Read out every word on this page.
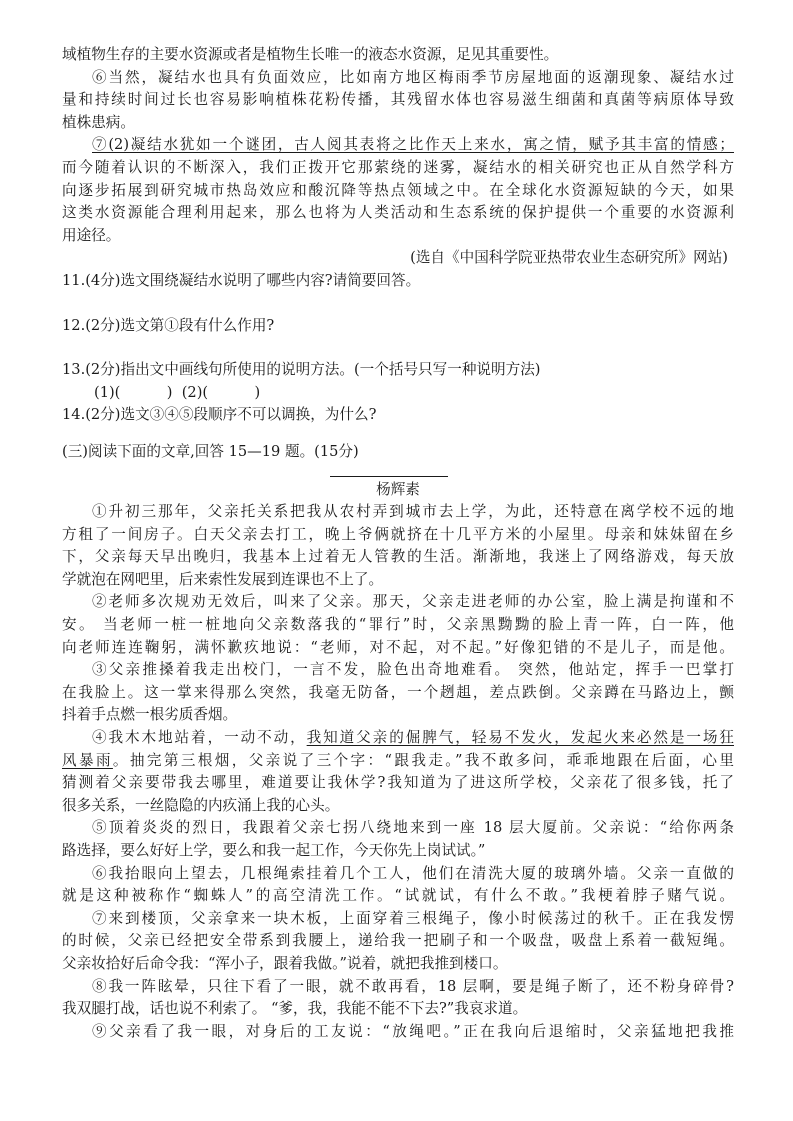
域植物生存的主要水资源或者是植物生长唯一的液态水资源，足见其重要性。
⑥当然，凝结水也具有负面效应，比如南方地区梅雨季节房屋地面的返潮现象、凝结水过
量和持续时间过长也容易影响植株花粉传播，其残留水体也容易滋生细菌和真菌等病原体导致
植株患病。
⑦(2)凝结水犹如一个谜团，古人阅其表将之比作天上来水，寓之情，赋予其丰富的情感；
而今随着认识的不断深入，我们正拨开它那萦绕的迷雾，凝结水的相关研究也正从自然学科方
向逐步拓展到研究城市热岛效应和酸沉降等热点领域之中。在全球化水资源短缺的今天，如果
这类水资源能合理利用起来，那么也将为人类活动和生态系统的保护提供一个重要的水资源利
用途径。
(选自《中国科学院亚热带农业生态研究所》网站)
11.(4分)选文围绕凝结水说明了哪些内容?请简要回答。
12.(2分)选文第①段有什么作用?
13.(2分)指出文中画线句所使用的说明方法。(一个括号只写一种说明方法)
(1)(          )  (2)(          )
14.(2分)选文③④⑤段顺序不可以调换，为什么?
(三)阅读下面的文章,回答 15—19 题。(15分)
杨辉素
①升初三那年，父亲托关系把我从农村弄到城市去上学，为此，还特意在离学校不远的地
方租了一间房子。白天父亲去打工，晚上爷俩就挤在十几平方米的小屋里。母亲和妹妹留在乡
下，父亲每天早出晚归，我基本上过着无人管教的生活。渐渐地，我迷上了网络游戏，每天放
学就泡在网吧里，后来索性发展到连课也不上了。
②老师多次规劝无效后，叫来了父亲。那天，父亲走进老师的办公室，脸上满是拘谨和不
安。 当老师一桩一桩地向父亲数落我的“罪行”时，父亲黑黝黝的脸上青一阵，白一阵，他
向老师连连鞠躬，满怀歉疚地说：“老师，对不起，对不起。”好像犯错的不是儿子，而是他。
③父亲推搡着我走出校门，一言不发，脸色出奇地难看。 突然，他站定，挥手一巴掌打
在我脸上。这一掌来得那么突然，我毫无防备，一个趔趄，差点跌倒。父亲蹲在马路边上，颤
抖着手点燃一根劣质香烟。
④我木木地站着，一动不动，我知道父亲的倔脾气，轻易不发火，发起火来必然是一场狂
风暴雨。抽完第三根烟，父亲说了三个字：“跟我走。”我不敢多问，乖乖地跟在后面，心里
猜测着父亲要带我去哪里，难道要让我休学?我知道为了进这所学校，父亲花了很多钱，托了
很多关系，一丝隐隐的内疚涌上我的心头。
⑤顶着炎炎的烈日，我跟着父亲七拐八绕地来到一座 18 层大厦前。父亲说：“给你两条
路选择，要么好好上学，要么和我一起工作，今天你先上岗试试。”
⑥我抬眼向上望去，几根绳索挂着几个工人，他们在清洗大厦的玻璃外墙。父亲一直做的
就是这种被称作“蜘蛛人”的高空清洗工作。“试就试，有什么不敢。”我梗着脖子赌气说。
⑦来到楼顶，父亲拿来一块木板，上面穿着三根绳子，像小时候荡过的秋千。正在我发愣
的时候，父亲已经把安全带系到我腰上，递给我一把刷子和一个吸盘，吸盘上系着一截短绳。
父亲妆拾好后命令我：“浑小子，跟着我做。”说着，就把我推到楼口。
⑧我一阵眩晕，只往下看了一眼，就不敢再看，18 层啊，要是绳子断了，还不粉身碎骨?
我双腿打战，话也说不利索了。 “爹，我，我能不能不下去?”我哀求道。
⑨父亲看了我一眼，对身后的工友说：“放绳吧。”正在我向后退缩时，父亲猛地把我推
